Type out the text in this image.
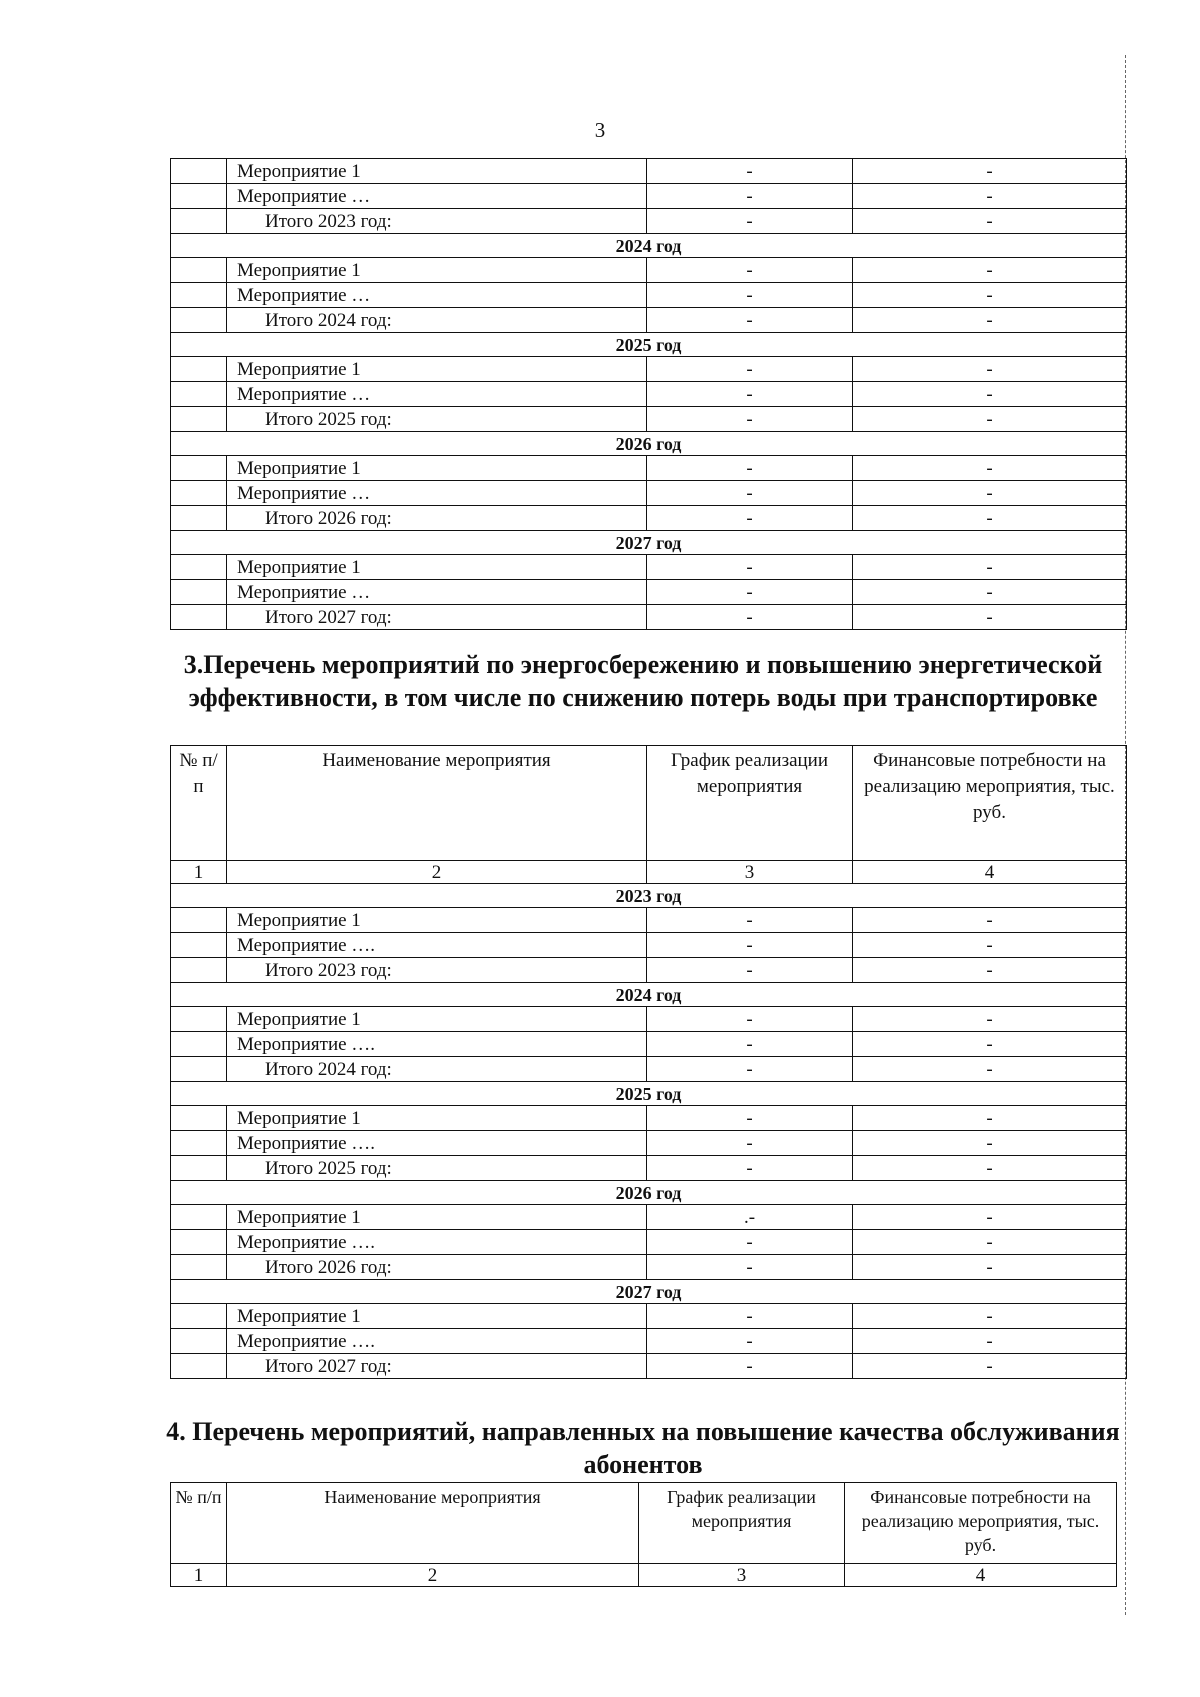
3
	Мероприятие 1	-	-
	Мероприятие …	-	-
	Итого 2023 год:	-	-
2024 год			
	Мероприятие 1	-	-
	Мероприятие …	-	-
	Итого 2024 год:	-	-
2025 год			
	Мероприятие 1	-	-
	Мероприятие …	-	-
	Итого 2025 год:	-	-
2026 год			
	Мероприятие 1	-	-
	Мероприятие …	-	-
	Итого 2026 год:	-	-
2027 год			
	Мероприятие 1	-	-
	Мероприятие …	-	-
	Итого 2027 год:	-	-
3.Перечень мероприятий по энергосбережению и повышению энергетической эффективности, в том числе по снижению потерь воды при транспортировке
№ п/п	Наименование мероприятия	График реализации мероприятия	Финансовые потребности на реализацию мероприятия, тыс. руб.
1	2	3	4
2023 год			
	Мероприятие 1	-	-
	Мероприятие ….	-	-
	Итого 2023 год:	-	-
2024 год			
	Мероприятие 1	-	-
	Мероприятие ….	-	-
	Итого 2024 год:	-	-
2025 год			
	Мероприятие 1	-	-
	Мероприятие ….	-	-
	Итого 2025 год:	-	-
2026 год			
	Мероприятие 1	.-	-
	Мероприятие ….	-	-
	Итого 2026 год:	-	-
2027 год			
	Мероприятие 1	-	-
	Мероприятие ….	-	-
	Итого 2027 год:	-	-
4. Перечень мероприятий, направленных на повышение качества обслуживания абонентов
№ п/п	Наименование мероприятия	График реализации мероприятия	Финансовые потребности на реализацию мероприятия, тыс. руб.
1	2	3	4
